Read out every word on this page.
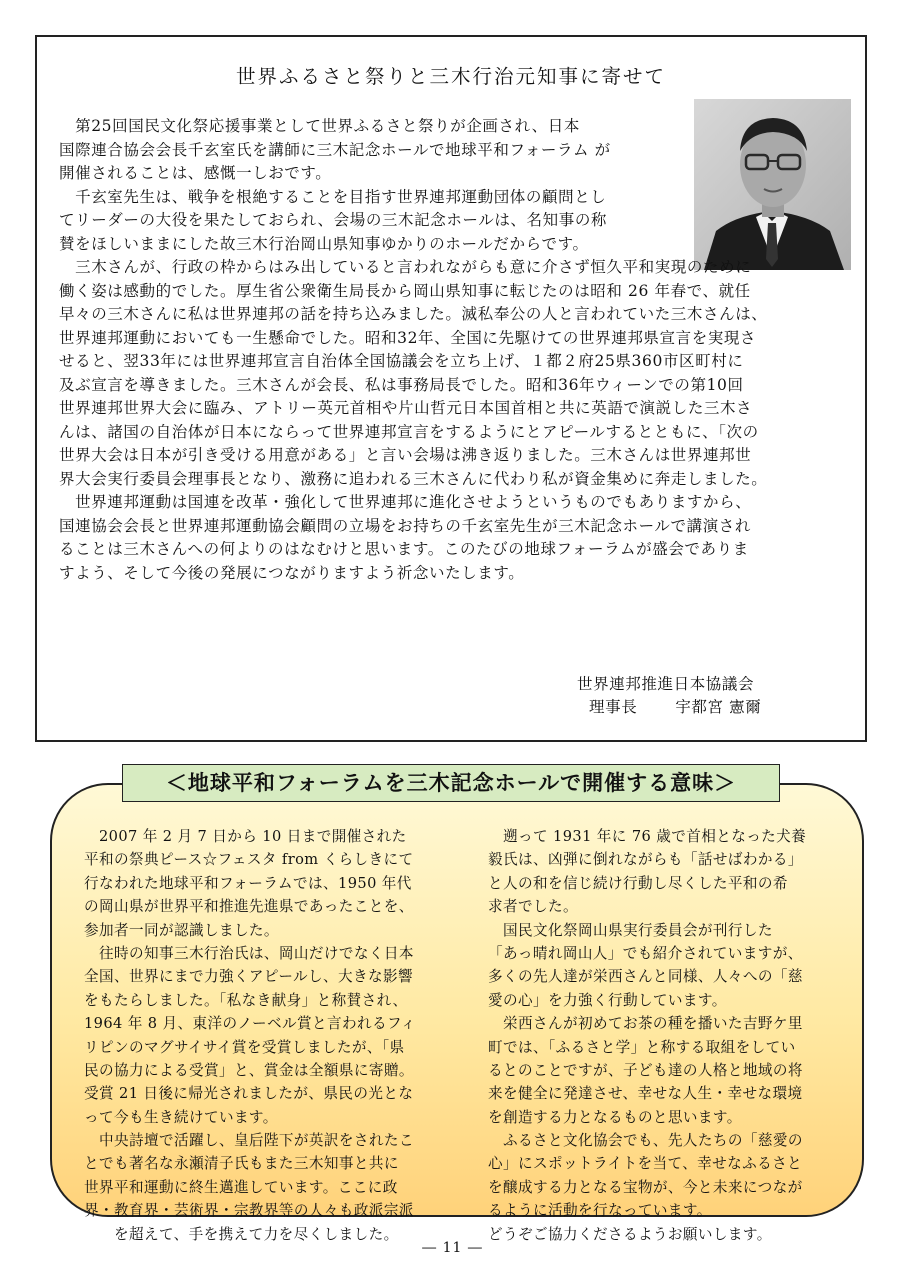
世界ふるさと祭りと三木行治元知事に寄せて
　第25回国民文化祭応援事業として世界ふるさと祭りが企画され、日本
国際連合協会会長千玄室氏を講師に三木記念ホールで地球平和フォーラム が
開催されることは、感慨一しおです。
　千玄室先生は、戦争を根絶することを目指す世界連邦運動団体の顧問とし
てリーダーの大役を果たしておられ、会場の三木記念ホールは、名知事の称
賛をほしいままにした故三木行治岡山県知事ゆかりのホールだからです。
　三木さんが、行政の枠からはみ出していると言われながらも意に介さず恒久平和実現のために
働く姿は感動的でした。厚生省公衆衛生局長から岡山県知事に転じたのは昭和 26 年春で、就任
早々の三木さんに私は世界連邦の話を持ち込みました。滅私奉公の人と言われていた三木さんは、
世界連邦運動においても一生懸命でした。昭和32年、全国に先駆けての世界連邦県宣言を実現さ
せると、翌33年には世界連邦宣言自治体全国協議会を立ち上げ、１都２府25県360市区町村に
及ぶ宣言を導きました。三木さんが会長、私は事務局長でした。昭和36年ウィーンでの第10回
世界連邦世界大会に臨み、アトリー英元首相や片山哲元日本国首相と共に英語で演説した三木さ
んは、諸国の自治体が日本にならって世界連邦宣言をするようにとアピールするとともに、「次の
世界大会は日本が引き受ける用意がある」と言い会場は沸き返りました。三木さんは世界連邦世
界大会実行委員会理事長となり、激務に追われる三木さんに代わり私が資金集めに奔走しました。
　世界連邦運動は国連を改革・強化して世界連邦に進化させようというものでもありますから、
国連協会会長と世界連邦運動協会顧問の立場をお持ちの千玄室先生が三木記念ホールで講演され
ることは三木さんへの何よりのはなむけと思います。このたびの地球フォーラムが盛会でありま
すよう、そして今後の発展につながりますよう祈念いたします。
世界連邦推進日本協議会
理事長 宇都宮 憲爾
＜地球平和フォーラムを三木記念ホールで開催する意味＞
　2007 年 2 月 7 日から 10 日まで開催された
平和の祭典ピース☆フェスタ from くらしきにて
行なわれた地球平和フォーラムでは、1950 年代
の岡山県が世界平和推進先進県であったことを、
参加者一同が認識しました。
　往時の知事三木行治氏は、岡山だけでなく日本
全国、世界にまで力強くアピールし、大きな影響
をもたらしました。「私なき献身」と称賛され、
1964 年 8 月、東洋のノーベル賞と言われるフィ
リピンのマグサイサイ賞を受賞しましたが、「県
民の協力による受賞」と、賞金は全額県に寄贈。
受賞 21 日後に帰光されましたが、県民の光とな
って今も生き続けています。
　中央詩壇で活躍し、皇后陛下が英訳をされたこ
とでも著名な永瀬清子氏もまた三木知事と共に
世界平和運動に終生邁進しています。ここに政
界・教育界・芸術界・宗教界等の人々も政派宗派
　　を超えて、手を携えて力を尽くしました。
　遡って 1931 年に 76 歳で首相となった犬養
毅氏は、凶弾に倒れながらも「話せばわかる」
と人の和を信じ続け行動し尽くした平和の希
求者でした。
　国民文化祭岡山県実行委員会が刊行した
「あっ晴れ岡山人」でも紹介されていますが、
多くの先人達が栄西さんと同様、人々への「慈
愛の心」を力強く行動しています。
　栄西さんが初めてお茶の種を播いた吉野ケ里
町では、「ふるさと学」と称する取組をしてい
るとのことですが、子ども達の人格と地域の将
来を健全に発達させ、幸せな人生・幸せな環境
を創造する力となるものと思います。
　ふるさと文化協会でも、先人たちの「慈愛の
心」にスポットライトを当て、幸せなふるさと
を醸成する力となる宝物が、今と未来につなが
るように活動を行なっています。
どうぞご協力くださるようお願いします。
― 11 ―
